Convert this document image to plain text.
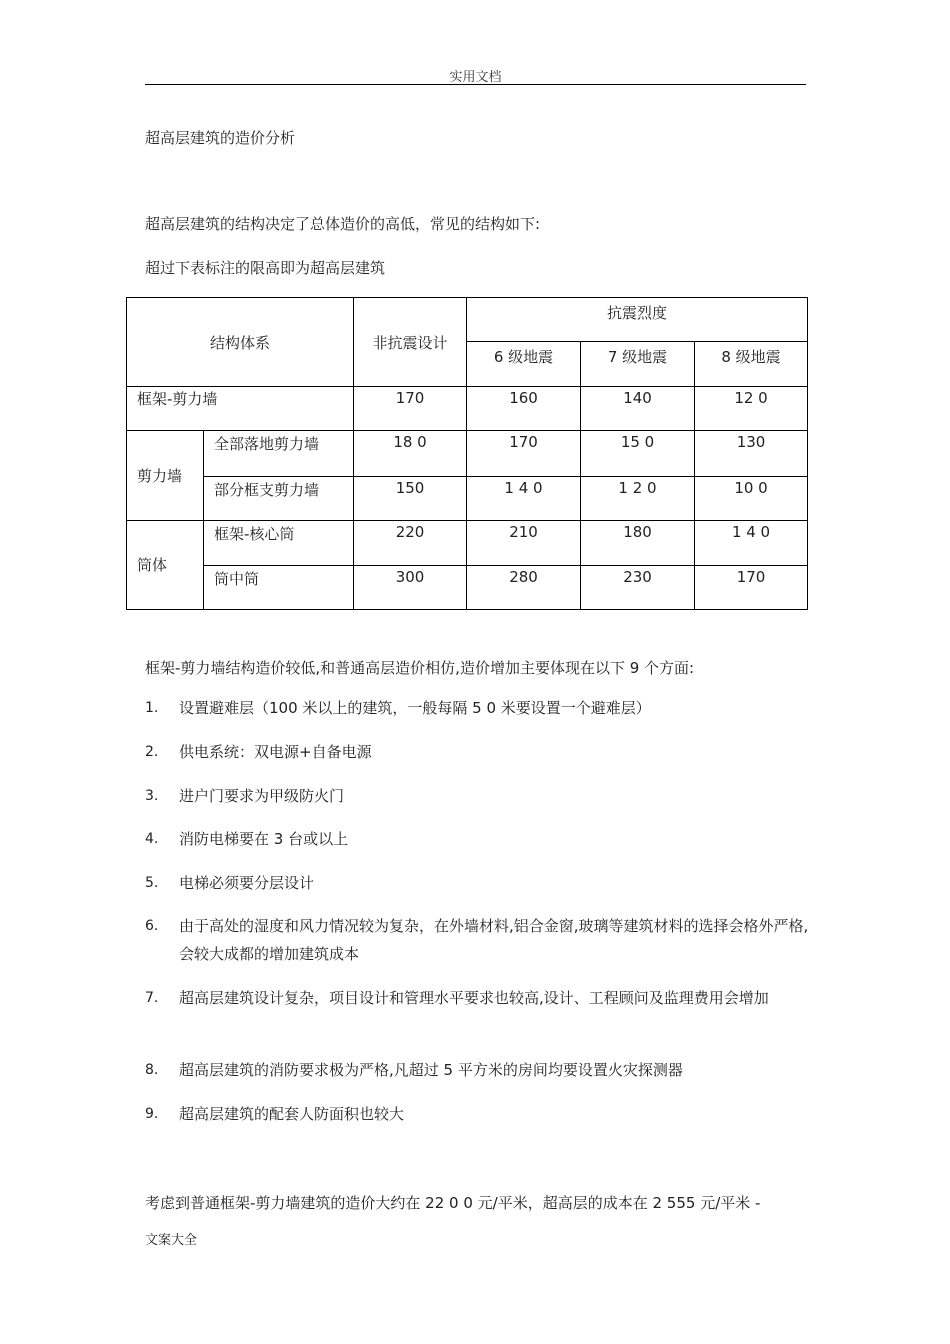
实用文档
超高层建筑的造价分析
超高层建筑的结构决定了总体造价的高低，常见的结构如下:
超过下表标注的限高即为超高层建筑
结构体系		非抗震设计	抗震烈度		
			6 级地震	7 级地震	8 级地震
框架-剪力墙		170	160	140	12 0
剪力墙	全部落地剪力墙	18 0	170	15 0	130
	部分框支剪力墙	150	1 4 0	1 2 0	10 0
筒体	框架-核心筒	220	210	180	1 4 0
	筒中筒	300	280	230	170
框架-剪力墙结构造价较低,和普通高层造价相仿,造价增加主要体现在以下 9 个方面:
1. 设置避难层（100 米以上的建筑，一般每隔 5 0 米要设置一个避难层）
2. 供电系统：双电源+自备电源
3. 进户门要求为甲级防火门
4. 消防电梯要在 3 台或以上
5. 电梯必须要分层设计
6. 由于高处的湿度和风力情况较为复杂，在外墙材料,铝合金窗,玻璃等建筑材料的选择会格外严格,会较大成都的增加建筑成本
7. 超高层建筑设计复杂，项目设计和管理水平要求也较高,设计、工程顾问及监理费用会增加
8. 超高层建筑的消防要求极为严格,凡超过 5 平方米的房间均要设置火灾探测器
9. 超高层建筑的配套人防面积也较大
考虑到普通框架-剪力墙建筑的造价大约在 22 0 0 元/平米，超高层的成本在 2 555 元/平米 -
文案大全
